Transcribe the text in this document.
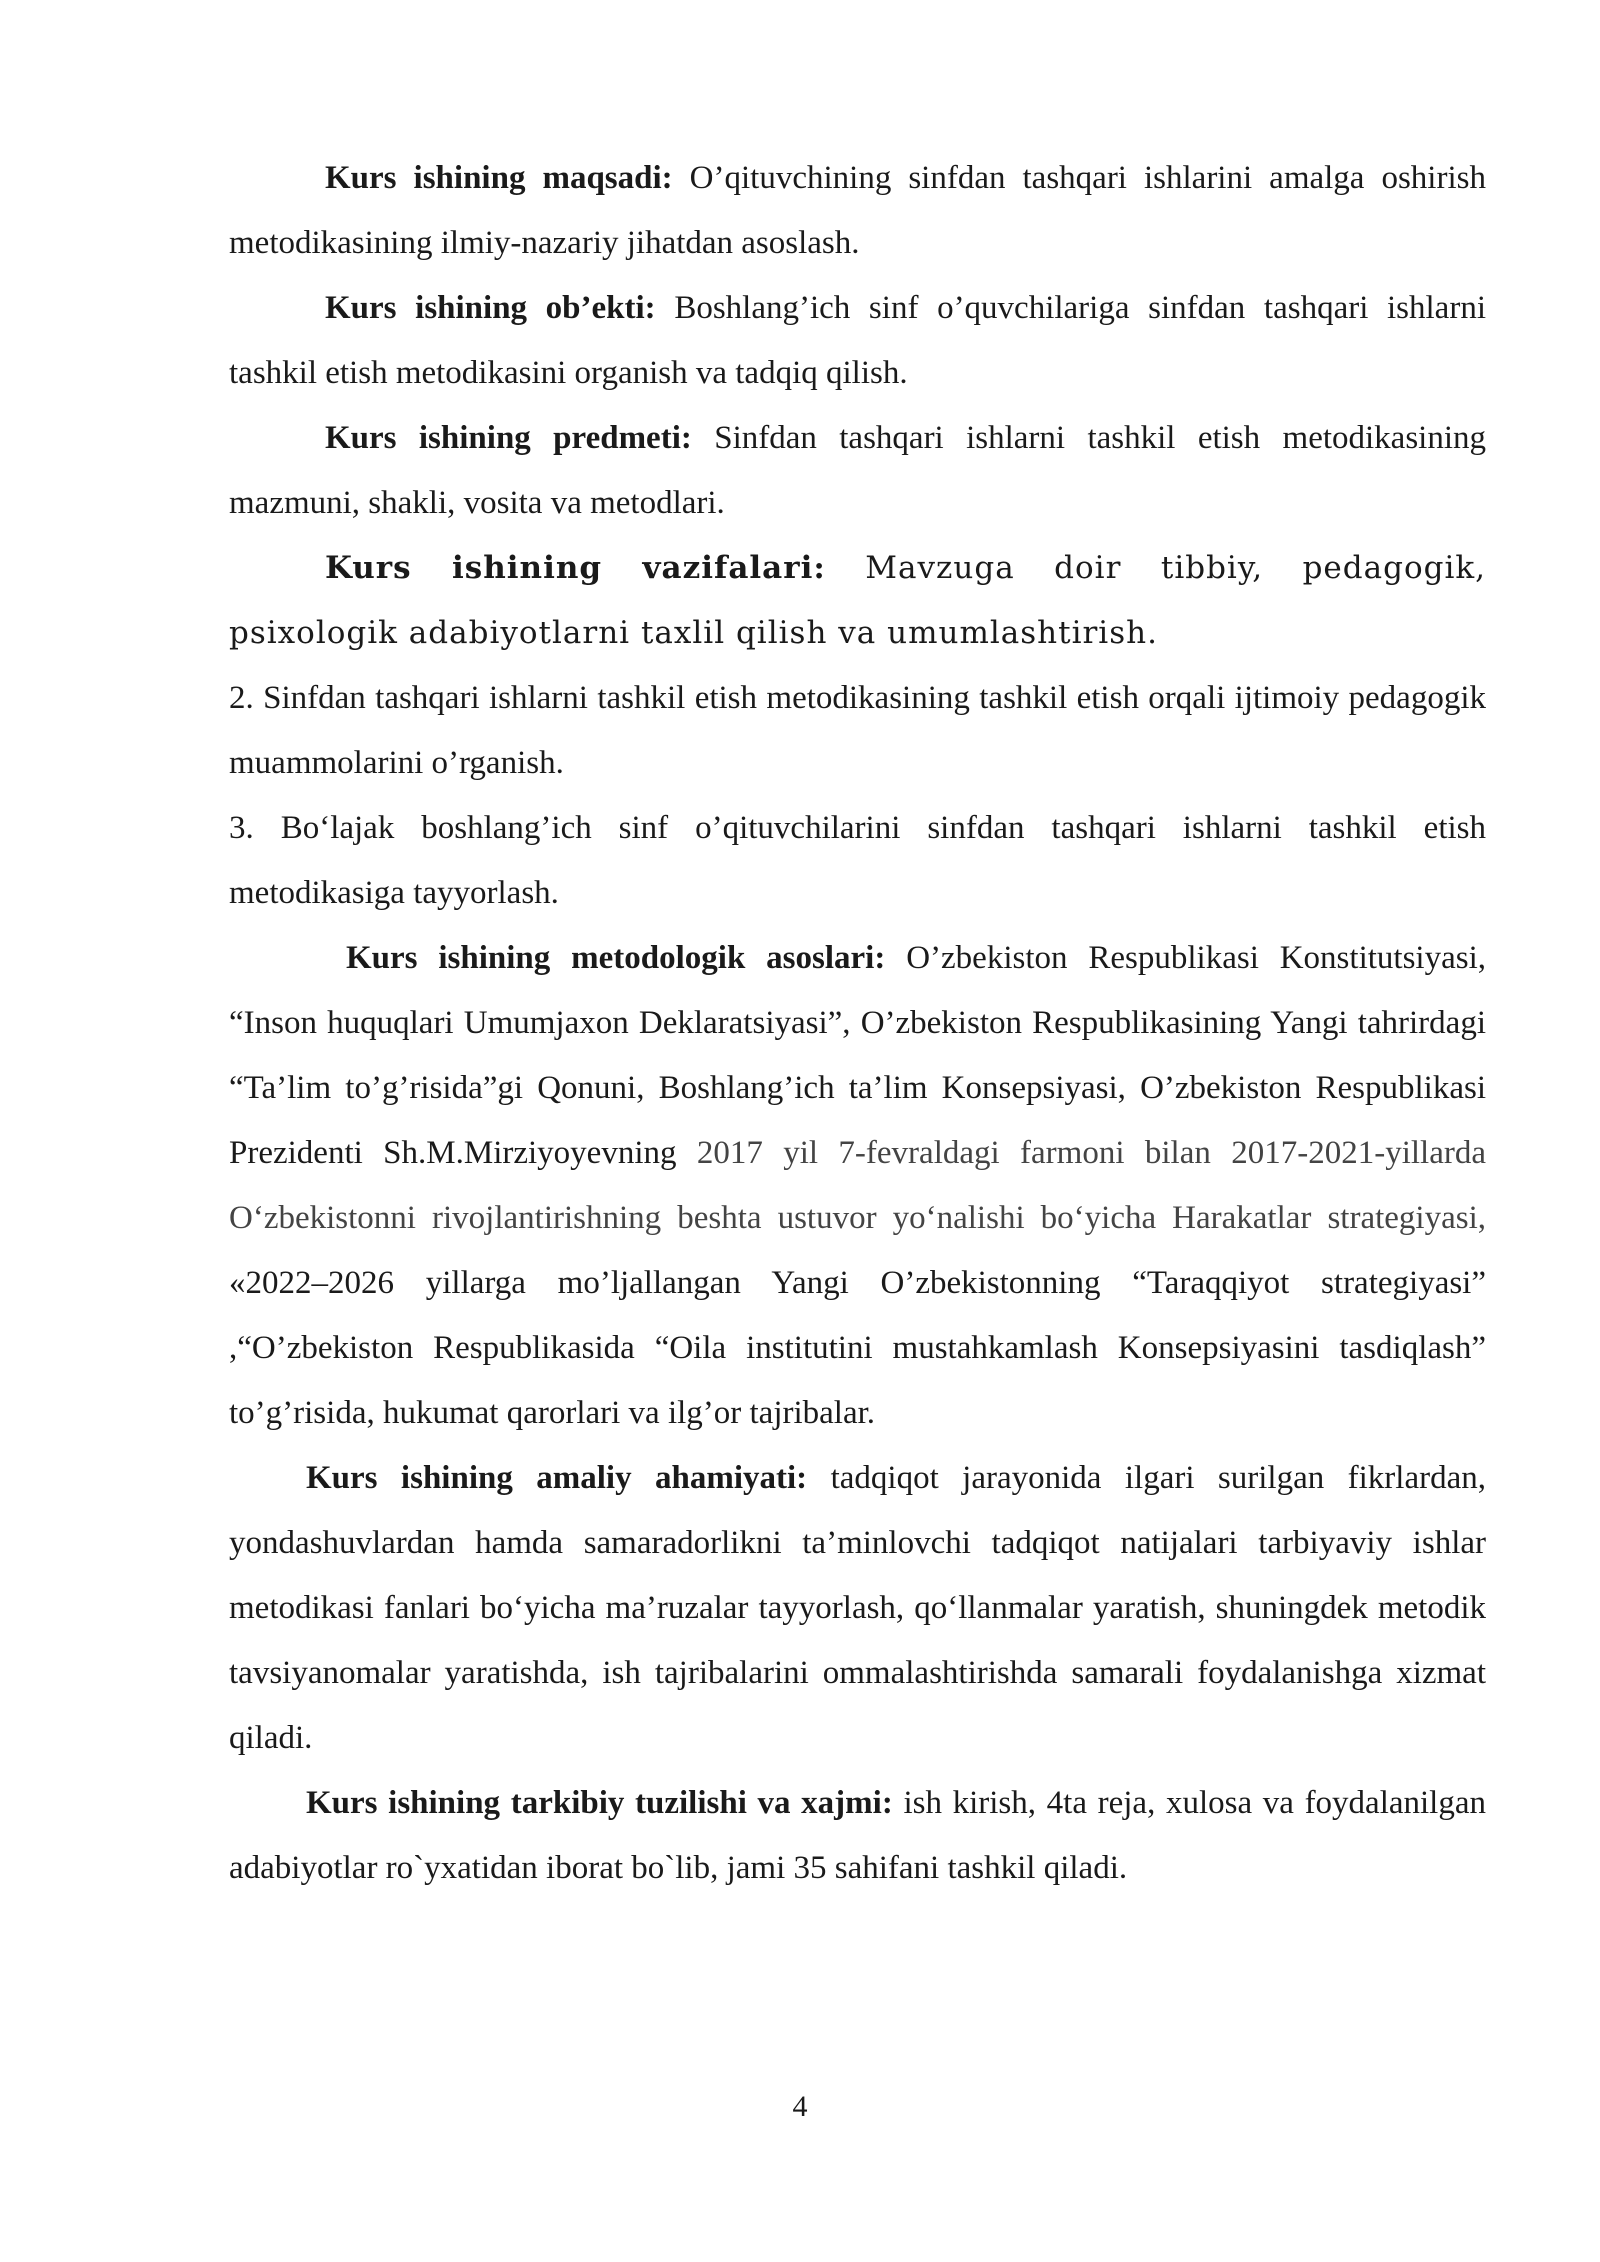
Kurs ishining maqsadi: O’qituvchining sinfdan tashqari ishlarini amalga oshirish metodikasining ilmiy-nazariy jihatdan asoslash.

Kurs ishining ob’ekti: Boshlang’ich sinf o’quvchilariga sinfdan tashqari ishlarni tashkil etish metodikasini organish va tadqiq qilish.

Kurs ishining predmeti: Sinfdan tashqari ishlarni tashkil etish metodikasining mazmuni, shakli, vosita va metodlari.

Kurs ishining vazifalari: Mavzuga doir tibbiy, pedagogik, psixologik adabiyotlarni taxlil qilish va umumlashtirish.

2. Sinfdan tashqari ishlarni tashkil etish metodikasining tashkil etish orqali ijtimoiy pedagogik muammolarini o’rganish.

3. Bo‘lajak boshlang’ich sinf o’qituvchilarini sinfdan tashqari ishlarni tashkil etish metodikasiga tayyorlash.

Kurs ishining metodologik asoslari: O’zbekiston Respublikasi Konstitutsiyasi, “Inson huquqlari Umumjaxon Deklaratsiyasi”, O’zbekiston Respublikasining Yangi tahrirdagi “Ta’lim to’g’risida”gi Qonuni, Boshlang’ich ta’lim Konsepsiyasi, O’zbekiston Respublikasi Prezidenti Sh.M.Mirziyoyevning 2017 yil 7-fevraldagi farmoni bilan 2017-2021-yillarda O‘zbekistonni rivojlantirishning beshta ustuvor yo‘nalishi bo‘yicha Harakatlar strategiyasi, «2022–2026 yillarga mo’ljallangan Yangi O’zbekistonning “Taraqqiyot strategiyasi” ,“O’zbekiston Respublikasida “Oila institutini mustahkamlash Konsepsiyasini tasdiqlash” to’g’risida, hukumat qarorlari va ilg’or tajribalar.

Kurs ishining amaliy ahamiyati: tadqiqot jarayonida ilgari surilgan fikrlardan, yondashuvlardan hamda samaradorlikni ta’minlovchi tadqiqot natijalari tarbiyaviy ishlar metodikasi fanlari bo‘yicha ma’ruzalar tayyorlash, qo‘llanmalar yaratish, shuningdek metodik tavsiyanomalar yaratishda, ish tajribalarini ommalashtirishda samarali foydalanishga xizmat qiladi.

Kurs ishining tarkibiy tuzilishi va xajmi: ish kirish, 4ta reja, xulosa va foydalanilgan adabiyotlar ro`yxatidan iborat bo`lib, jami 35 sahifani tashkil qiladi.

4
